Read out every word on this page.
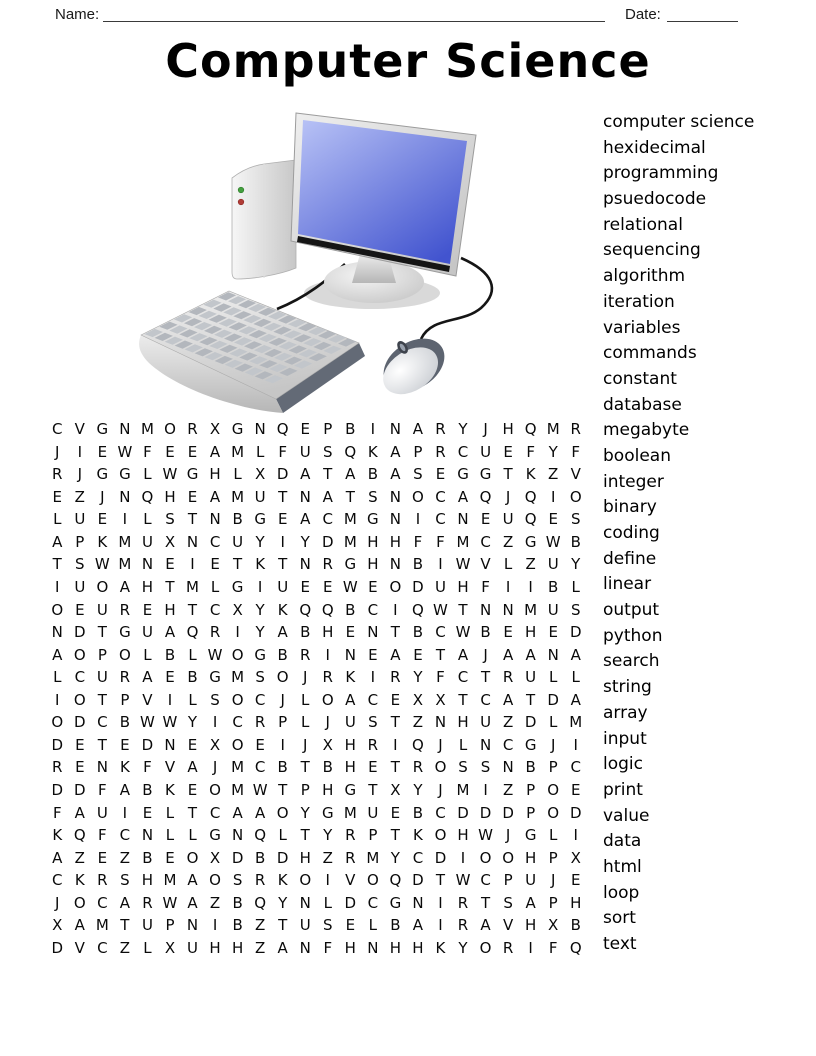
Name:	Date:
Computer Science
computer science
hexidecimal
programming
psuedocode
relational
sequencing
algorithm
iteration
variables
commands
constant
database
megabyte
boolean
integer
binary
coding
define
linear
output
python
search
string
array
input
logic
print
value
data
html
loop
sort
text
C V G N M O R X G N Q E P B	I N A R Y	J H Q M R
J	I	E W F E E A M L F U S Q K A P R C U E F Y F
R	J G G L W G H L X D A T A B A S E G G T K Z V
E Z	J N Q H E A M U T N A T S N O C A Q J Q I O
L U E	I	L S T N B G E A C M G N I	C N E U Q E S
A P K M U X N C U Y	I	Y D M H H F F M C Z G W B
T S W M N E	I	E T K T N R G H N B	I W V L Z U Y
I U O A H T M L G I U E E W E O D U H F	I	I	B L
O E U R E H T C X Y K Q Q B C	I Q W T N N M U S
N D T G U A Q R	I	Y A B H E N T B C W B E H E D
A O P O L B L W O G B R	I N E A E T A	J	A A N A
L C U R A E B G M S O J	R K	I	R Y F C T R U L L
I O T P V	I	L S O C	J	L O A C E X X T C A T D A
O D C B W W Y	I	C R P L	J U S T Z N H U Z D L M
D E T E D N E X O E	I	J	X H R	I Q J	L N C G J	I
R E N K F V A	J M C B T B H E T R O S S N B P C
D D F A B K E O M W T P H G T X Y	J M I	Z P O E
F A U I	E L T C A A O Y G M U E B C D D D P O D
K Q F C N L L G N Q L T Y R P T K O H W J G L	I
A Z E Z B E O X D B D H Z R M Y C D I O O H P X
C K R S H M A O S R K O I	V O Q D T W C P U J	E
J O C A R W A Z B Q Y N L D C G N I	R T S A P H
X A M T U P N I	B Z T U S E L B A	I	R A V H X B
D V C Z L X U H H Z A N F H N H H K Y O R	I	F Q
